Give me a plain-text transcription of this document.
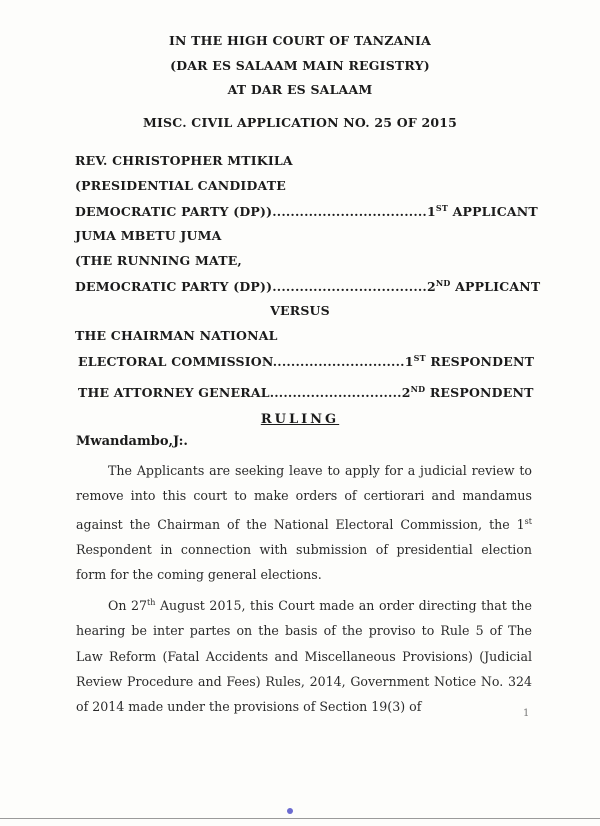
IN THE HIGH COURT OF TANZANIA
(DAR ES SALAAM MAIN REGISTRY)
AT DAR ES SALAAM
MISC. CIVIL APPLICATION NO. 25 OF 2015
REV. CHRISTOPHER MTIKILA
(PRESIDENTIAL CANDIDATE
DEMOCRATIC PARTY (DP))..................................1ST APPLICANT
JUMA MBETU JUMA
(THE RUNNING MATE,
DEMOCRATIC PARTY (DP))..................................2ND APPLICANT
VERSUS
THE CHAIRMAN NATIONAL
ELECTORAL COMMISSION.............................1ST RESPONDENT
THE ATTORNEY GENERAL.............................2ND RESPONDENT
RULING
Mwandambo,J:.
The Applicants are seeking leave to apply for a judicial review to remove into this court to make orders of certiorari and mandamus against the Chairman of the National Electoral Commission, the 1st Respondent in connection with submission of presidential election form for the coming general elections.
On 27th August 2015, this Court made an order directing that the hearing be inter partes on the basis of the proviso to Rule 5 of The Law Reform (Fatal Accidents and Miscellaneous Provisions) (Judicial Review Procedure and Fees) Rules, 2014, Government Notice No. 324 of 2014 made under the provisions of Section 19(3) of	1
